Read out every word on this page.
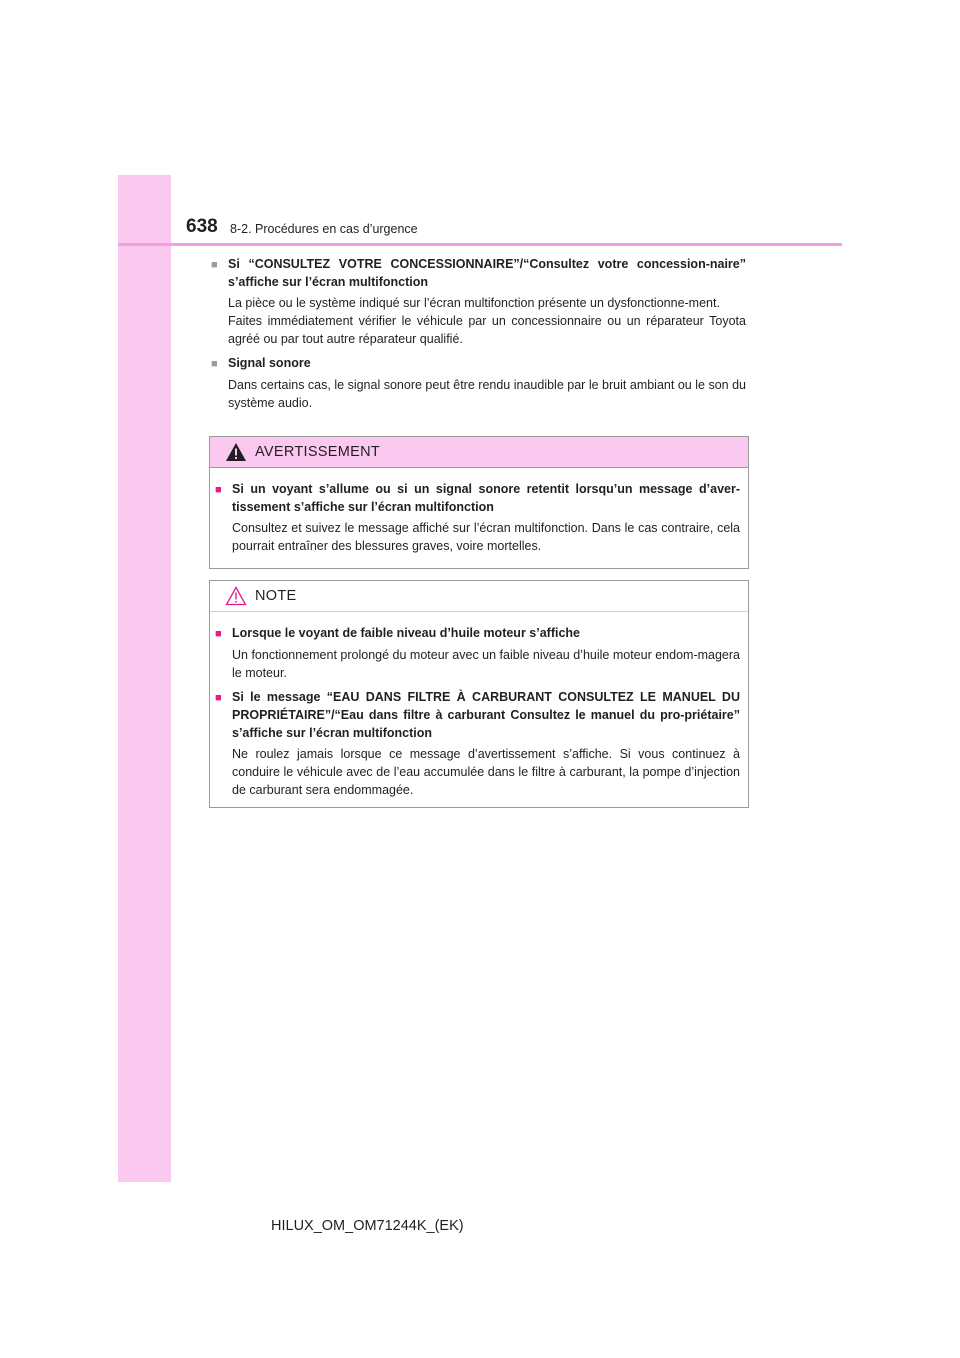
638 8-2. Procédures en cas d’urgence
■ Si “CONSULTEZ VOTRE CONCESSIONNAIRE”/“Consultez votre concession-naire” s’affiche sur l’écran multifonction

La pièce ou le système indiqué sur l’écran multifonction présente un dysfonctionne-ment.

Faites immédiatement vérifier le véhicule par un concessionnaire ou un réparateur Toyota agréé ou par tout autre réparateur qualifié.

■ Signal sonore

Dans certains cas, le signal sonore peut être rendu inaudible par le bruit ambiant ou le son du système audio.

AVERTISSEMENT
■ Si un voyant s’allume ou si un signal sonore retentit lorsqu’un message d’aver-tissement s’affiche sur l’écran multifonction
Consultez et suivez le message affiché sur l’écran multifonction. Dans le cas contraire, cela pourrait entraîner des blessures graves, voire mortelles.
NOTE
■ Lorsque le voyant de faible niveau d’huile moteur s’affiche
Un fonctionnement prolongé du moteur avec un faible niveau d’huile moteur endom-magera le moteur.
■ Si le message “EAU DANS FILTRE À CARBURANT CONSULTEZ LE MANUEL DU PROPRIÉTAIRE”/“Eau dans filtre à carburant Consultez le manuel du pro-priétaire” s’affiche sur l’écran multifonction
Ne roulez jamais lorsque ce message d’avertissement s’affiche. Si vous continuez à conduire le véhicule avec de l’eau accumulée dans le filtre à carburant, la pompe d’injection de carburant sera endommagée.
HILUX_OM_OM71244K_(EK)
